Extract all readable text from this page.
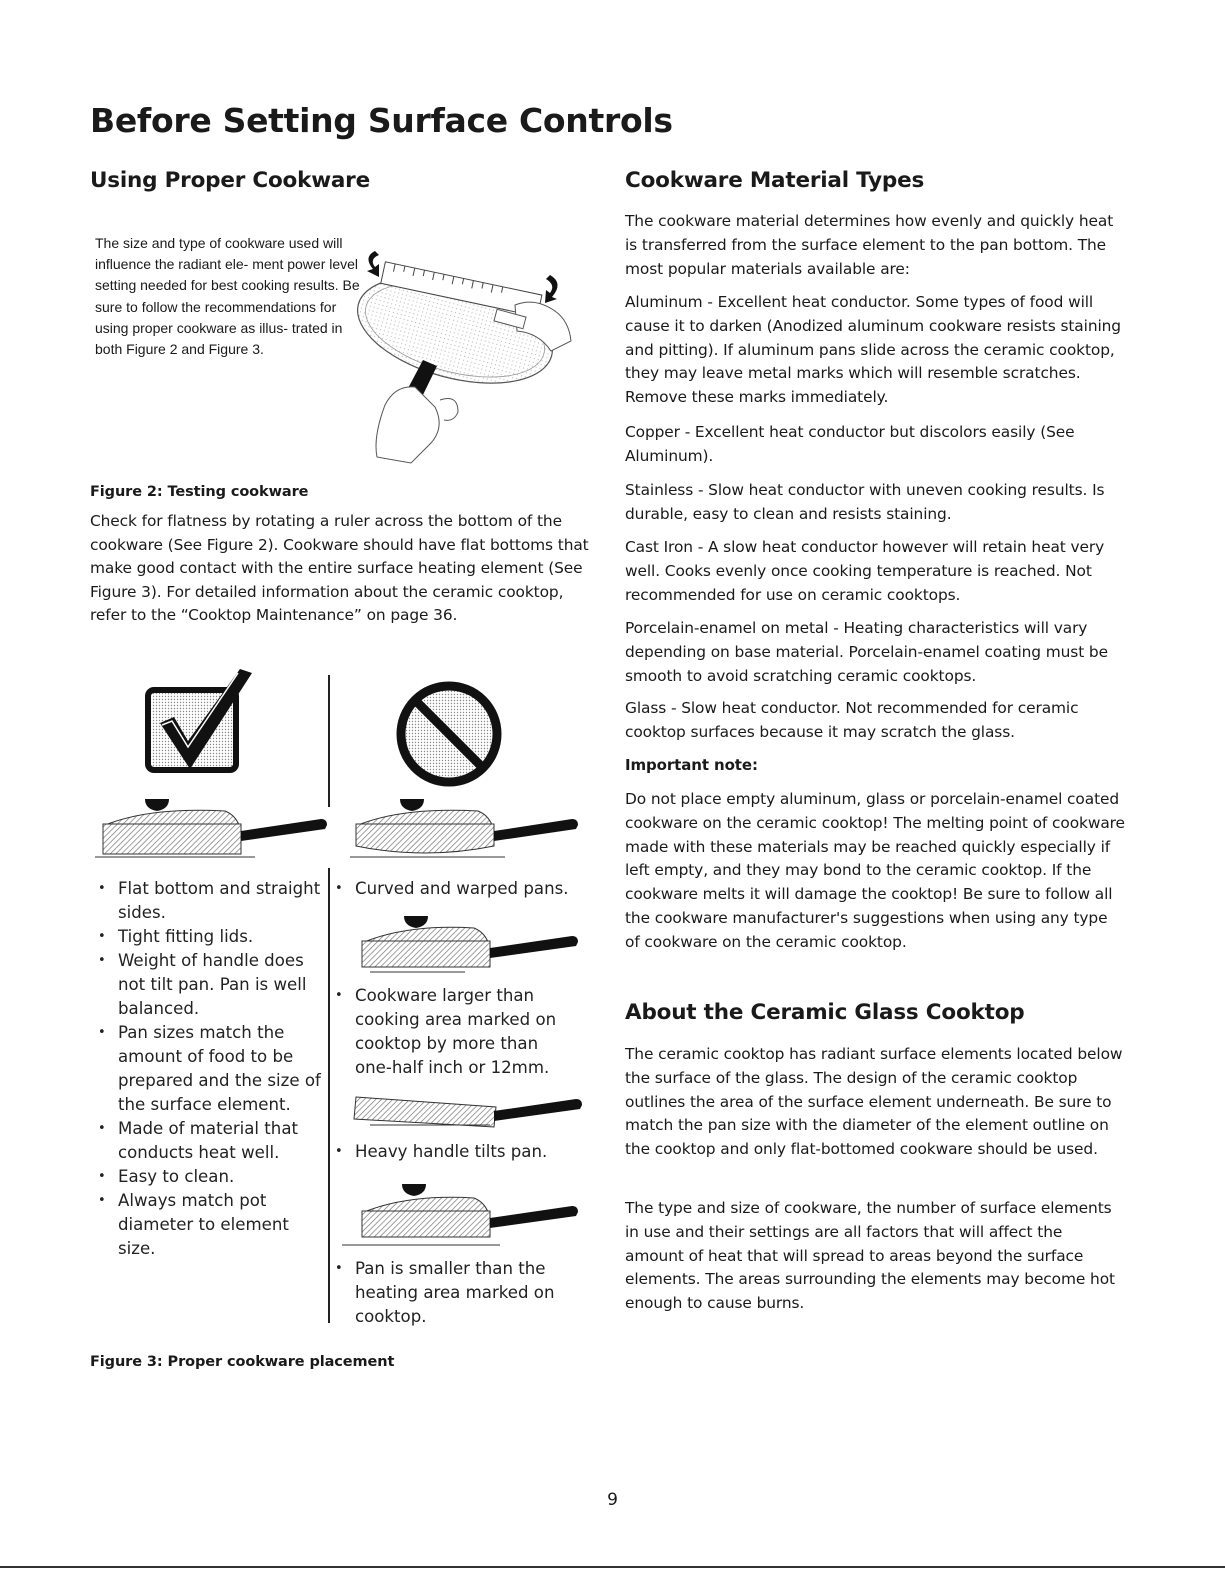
Before Setting Surface Controls
Using Proper Cookware	Cookware Material Types
The size and type of cookware used will influence the radiant ele- ment power level setting needed for best cooking results. Be sure to follow the recommendations for using proper cookware as illus- trated in both Figure 2 and Figure 3.
Figure 2: Testing cookware
Check for flatness by rotating a ruler across the bottom of the cookware (See Figure 2). Cookware should have flat bottoms that make good contact with the entire surface heating element (See Figure 3). For detailed information about the ceramic cooktop, refer to the “Cooktop Maintenance” on page 36.
• Flat bottom and straight sides.
• Tight fitting lids.
• Weight of handle does not tilt pan. Pan is well balanced.
• Pan sizes match the amount of food to be prepared and the size of the surface element.
• Made of material that conducts heat well.
• Easy to clean.
• Always match pot diameter to element size.
• Curved and warped pans.
• Cookware larger than cooking area marked on cooktop by more than one-half inch or 12mm.
• Heavy handle tilts pan.
• Pan is smaller than the heating area marked on cooktop.
Figure 3: Proper cookware placement
The cookware material determines how evenly and quickly heat is transferred from the surface element to the pan bottom. The most popular materials available are:
Aluminum - Excellent heat conductor. Some types of food will cause it to darken (Anodized aluminum cookware resists staining and pitting). If aluminum pans slide across the ceramic cooktop, they may leave metal marks which will resemble scratches. Remove these marks immediately.
Copper - Excellent heat conductor but discolors easily (See Aluminum).
Stainless - Slow heat conductor with uneven cooking results. Is durable, easy to clean and resists staining.
Cast Iron - A slow heat conductor however will retain heat very well. Cooks evenly once cooking temperature is reached. Not recommended for use on ceramic cooktops.
Porcelain-enamel on metal - Heating characteristics will vary depending on base material. Porcelain-enamel coating must be smooth to avoid scratching ceramic cooktops.
Glass - Slow heat conductor. Not recommended for ceramic cooktop surfaces because it may scratch the glass.
Important note:
Do not place empty aluminum, glass or porcelain-enamel coated cookware on the ceramic cooktop! The melting point of cookware made with these materials may be reached quickly especially if left empty, and they may bond to the ceramic cooktop. If the cookware melts it will damage the cooktop! Be sure to follow all the cookware manufacturer's suggestions when using any type of cookware on the ceramic cooktop.
About the Ceramic Glass Cooktop
The ceramic cooktop has radiant surface elements located below the surface of the glass. The design of the ceramic cooktop outlines the area of the surface element underneath. Be sure to match the pan size with the diameter of the element outline on the cooktop and only flat-bottomed cookware should be used.
The type and size of cookware, the number of surface elements in use and their settings are all factors that will affect the amount of heat that will spread to areas beyond the surface elements. The areas surrounding the elements may become hot enough to cause burns.
9
